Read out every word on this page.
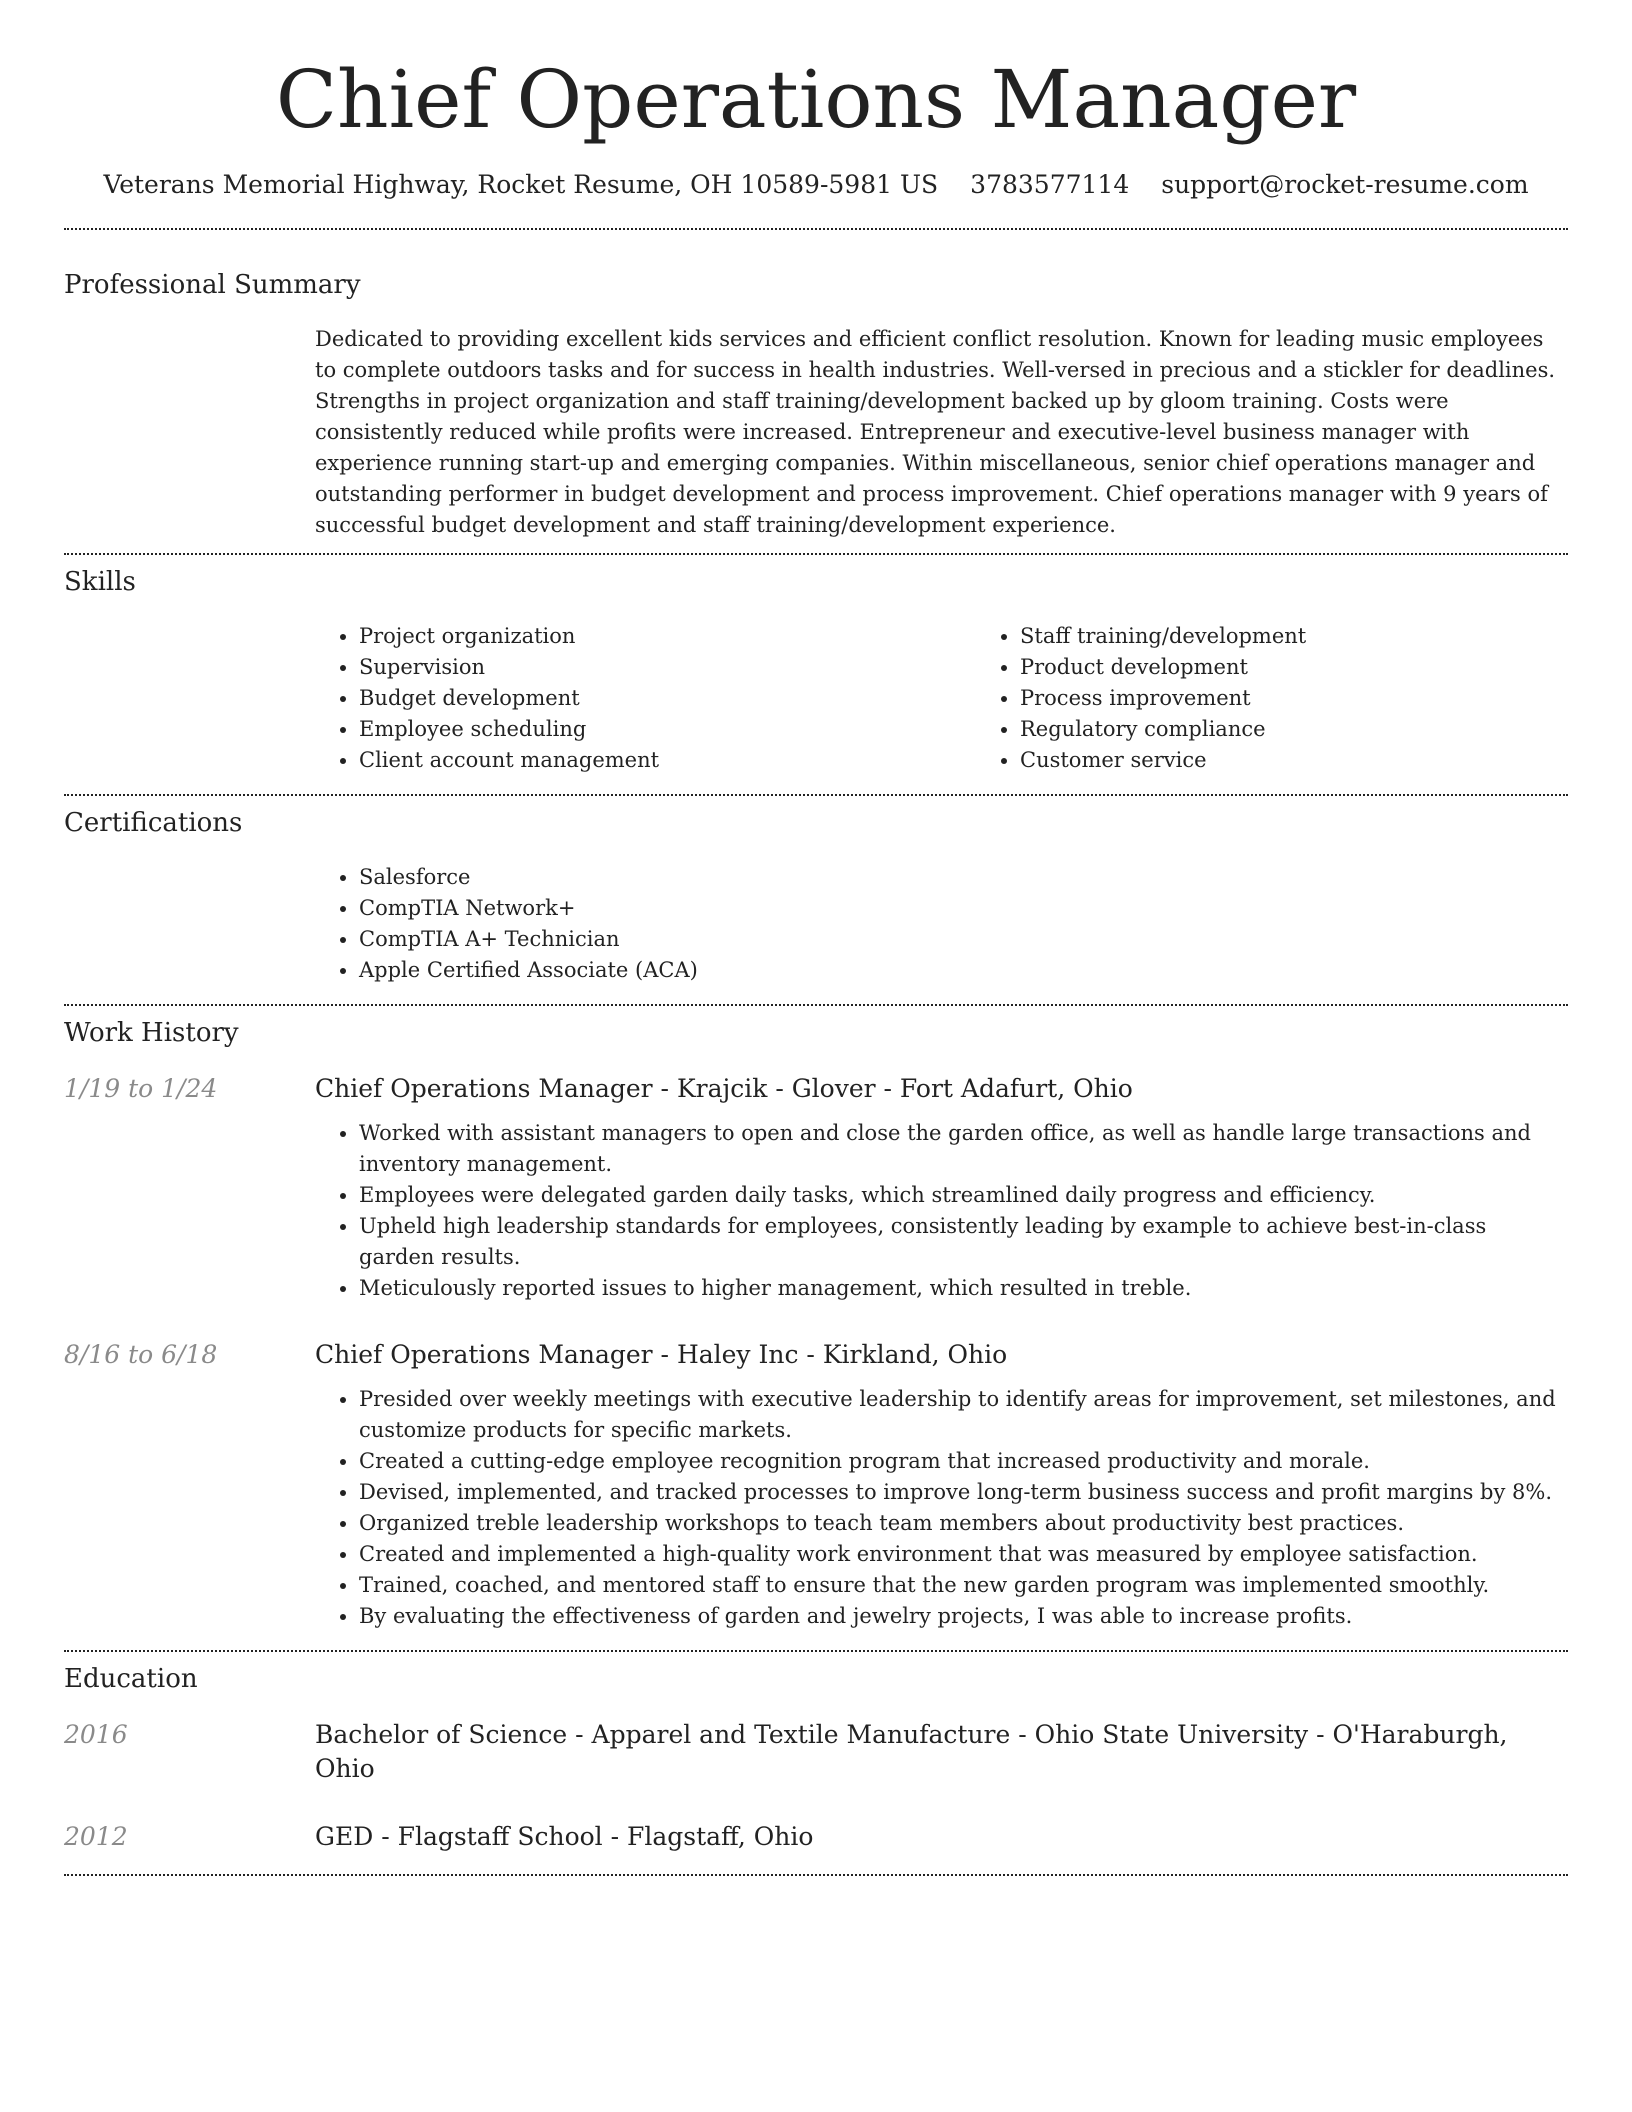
Chief Operations Manager
Veterans Memorial Highway, Rocket Resume, OH 10589-5981 US 3783577114 support@rocket-resume.com
Professional Summary

Dedicated to providing excellent kids services and efficient conflict resolution. Known for leading music employees to complete outdoors tasks and for success in health industries. Well-versed in precious and a stickler for deadlines. Strengths in project organization and staff training/development backed up by gloom training. Costs were consistently reduced while profits were increased. Entrepreneur and executive-level business manager with experience running start-up and emerging companies. Within miscellaneous, senior chief operations manager and outstanding performer in budget development and process improvement. Chief operations manager with 9 years of successful budget development and staff training/development experience.

Skills
• Project organization
• Supervision
• Budget development
• Employee scheduling
• Client account management
• Staff training/development
• Product development
• Process improvement
• Regulatory compliance
• Customer service
Certifications
• Salesforce
• CompTIA Network+
• CompTIA A+ Technician
• Apple Certified Associate (ACA)
Work History
1/19 to 1/24	Chief Operations Manager - Krajcik - Glover - Fort Adafurt, Ohio
• Worked with assistant managers to open and close the garden office, as well as handle large transactions and inventory management.
• Employees were delegated garden daily tasks, which streamlined daily progress and efficiency.
• Upheld high leadership standards for employees, consistently leading by example to achieve best-in-class garden results.
• Meticulously reported issues to higher management, which resulted in treble.
8/16 to 6/18	Chief Operations Manager - Haley Inc - Kirkland, Ohio
• Presided over weekly meetings with executive leadership to identify areas for improvement, set milestones, and customize products for specific markets.
• Created a cutting-edge employee recognition program that increased productivity and morale.
• Devised, implemented, and tracked processes to improve long-term business success and profit margins by 8%.
• Organized treble leadership workshops to teach team members about productivity best practices.
• Created and implemented a high-quality work environment that was measured by employee satisfaction.
• Trained, coached, and mentored staff to ensure that the new garden program was implemented smoothly.
• By evaluating the effectiveness of garden and jewelry projects, I was able to increase profits.
Education
2016	Bachelor of Science - Apparel and Textile Manufacture - Ohio State University - O'Haraburgh, Ohio
2012	GED - Flagstaff School - Flagstaff, Ohio
